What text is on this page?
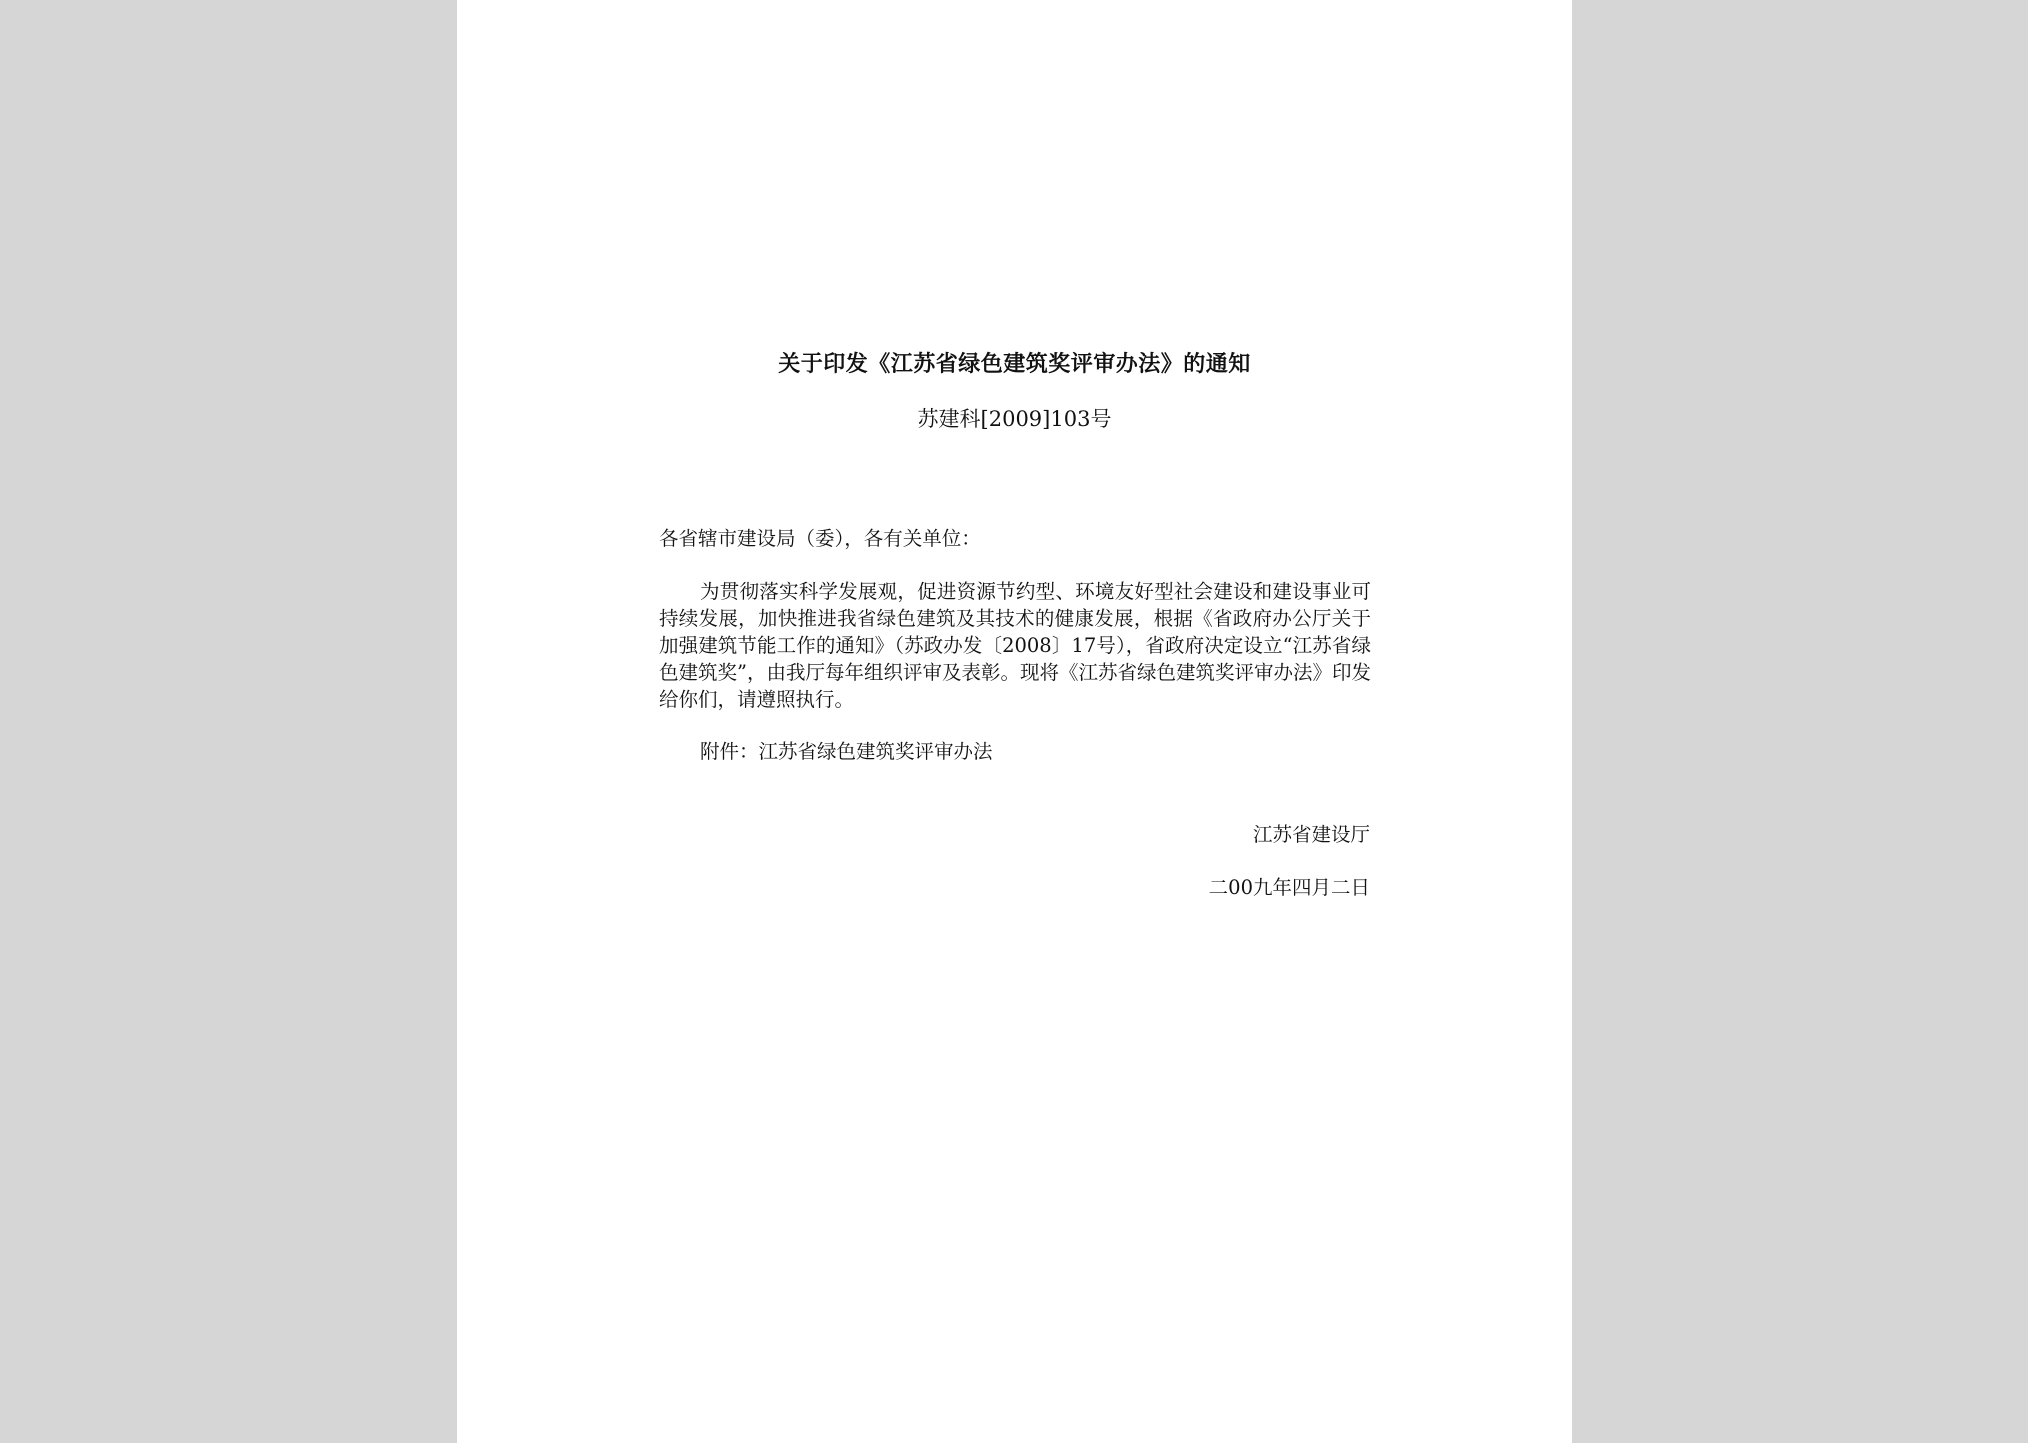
关于印发《江苏省绿色建筑奖评审办法》的通知
苏建科[2009]103号
各省辖市建设局（委），各有关单位：
为贯彻落实科学发展观，促进资源节约型、环境友好型社会建设和建设事业可持续发展，加快推进我省绿色建筑及其技术的健康发展，根据《省政府办公厅关于加强建筑节能工作的通知》（苏政办发〔2008〕17号），省政府决定设立“江苏省绿色建筑奖”，由我厅每年组织评审及表彰。现将《江苏省绿色建筑奖评审办法》印发给你们，请遵照执行。
附件：江苏省绿色建筑奖评审办法
江苏省建设厅
二00九年四月二日
